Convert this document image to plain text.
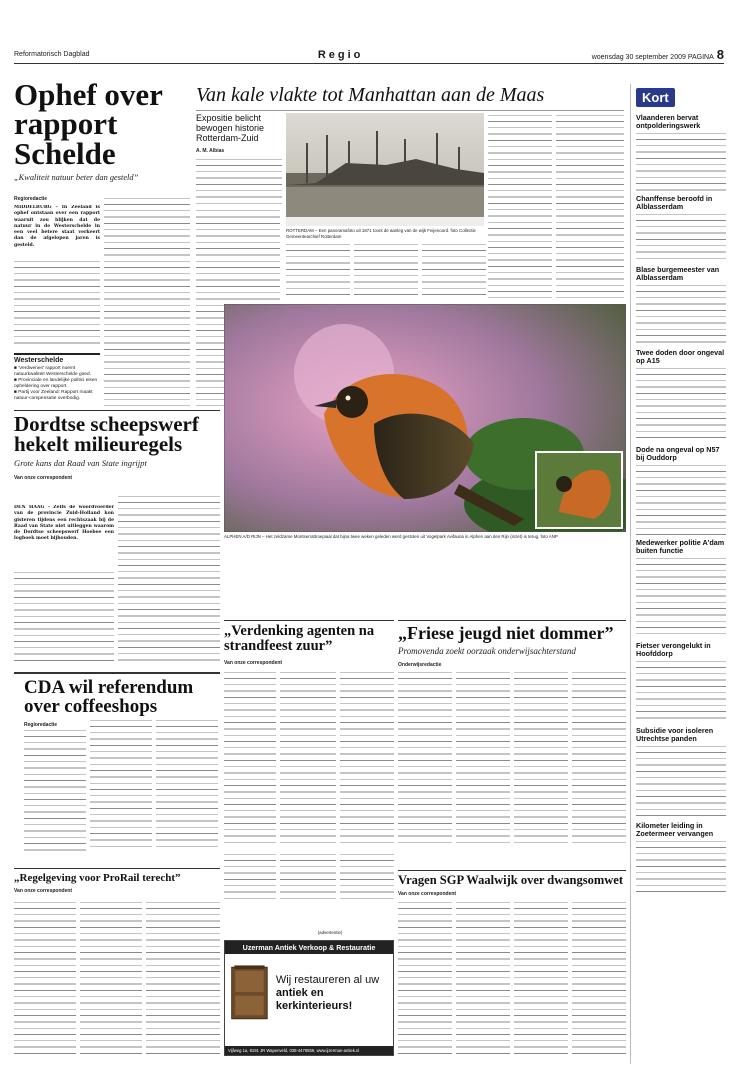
Reformatorisch Dagblad	Regio	woensdag 30 september 2009 PAGINA 8
Ophef over rapport Schelde
„Kwaliteit natuur beter dan gesteld”
Regioredactie
MIDDELBURG – In Zeeland is ophef ontstaan over een rapport waaruit zou blijken dat de natuur in de Westerschelde in een veel betere staat verkeert dan de afgelopen jaren is gesteld.
Westerschelde
■ 'Verdwenen' rapport noemt natuurkwaliteit Westerschelde goed.
■ Provinciale en landelijke politici eisen opheldering over rapport.
■ Partij voor Zeeland: Rapport maakt natuur-compensatie overbodig.
Van kale vlakte tot Manhattan aan de Maas
Expositie belicht bewogen historie Rotterdam-Zuid
A. M. Albias
ROTTERDAM – Een panoramafoto uit 1871 toont de aanleg van de wijk Feijenoord. foto Collectie Gemeentearchief Rotterdam
Kort
Vlaanderen bervat ontpolderingswerk
Chanffense beroofd in Alblasserdam
Blase burgemeester van Alblasserdam
Twee doden door ongeval op A15
Dode na ongeval op N57 bij Ouddorp
Medewerker politie A'dam buiten functie
Fietser verongelukt in Hoofddorp
Subsidie voor isoleren Utrechtse panden
Kilometer leiding in Zoetermeer vervangen
Dordtse scheepswerf hekelt milieuregels
Grote kans dat Raad van State ingrijpt
Van onze correspondent
DEN HAAG – Zelfs de woordvoerder van de provincie Zuid-Holland kon gisteren tijdens een rechtszaak bij de Raad van State niet uitleggen waarom de Dordtse scheepswerf Hoebee een logboek moet bijhouden.	ALPHEN A/D RIJN – Het zeldzame Montserrattroepiaal dat bijna twee weken geleden werd gestolen uit Vogelpark Avifauna in Alphen aan den Rijn (inzet) is terug. foto ANP
CDA wil referendum over coffeeshops
Regioredactie
„Regelgeving voor ProRail terecht”
Van onze correspondent
„Verdenking agenten na strandfeest zuur”
Van onze correspondent
„Friese jeugd niet dommer”
Promovenda zoekt oorzaak onderwijsachterstand
Onderwijsredactie
Vragen SGP Waalwijk over dwangsomwet
Van onze correspondent
(advertentie)
Uzerman Antiek Verkoop & Restauratie
Wij restaureren al uw
antiek en kerkinterieurs!
Vijfweg 1a, 8191 JR Wapenveld, 038-4476559, www.ijzerman-antiek.nl
